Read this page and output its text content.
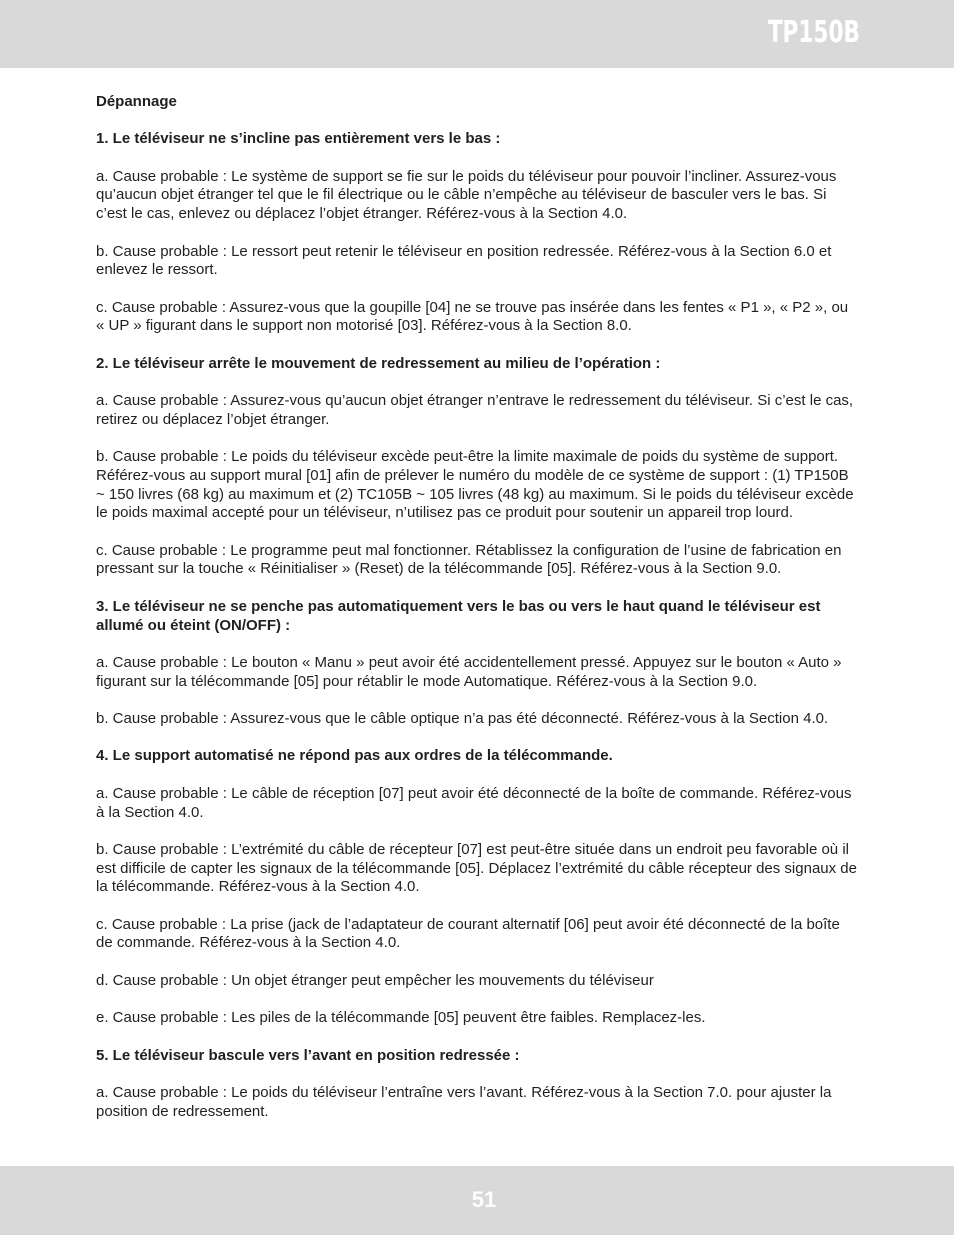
TP150B

Dépannage

1. Le téléviseur ne s’incline pas entièrement vers le bas :

a. Cause probable : Le système de support se fie sur le poids du téléviseur pour pouvoir l’incliner. Assurez-vous qu’aucun objet étranger tel que le fil électrique ou le câble n’empêche au téléviseur de basculer vers le bas. Si c’est le cas, enlevez ou déplacez l’objet étranger. Référez-vous à la Section 4.0.

b. Cause probable : Le ressort peut retenir le téléviseur en position redressée. Référez-vous à la Section 6.0 et enlevez le ressort.

c. Cause probable : Assurez-vous que la goupille [04] ne se trouve pas insérée dans les fentes « P1 », « P2 », ou « UP » figurant dans le support non motorisé [03]. Référez-vous à la Section 8.0.

2. Le téléviseur arrête le mouvement de redressement au milieu de l’opération :

a. Cause probable : Assurez-vous qu’aucun objet étranger n’entrave le redressement du téléviseur. Si c’est le cas, retirez ou déplacez l’objet étranger.

b. Cause probable : Le poids du téléviseur excède peut-être la limite maximale de poids du système de support. Référez-vous au support mural [01] afin de prélever le numéro du modèle de ce système de support : (1) TP150B ~ 150 livres (68 kg) au maximum et (2) TC105B ~ 105 livres (48 kg) au maximum. Si le poids du téléviseur excède le poids maximal accepté pour un téléviseur, n’utilisez pas ce produit pour soutenir un appareil trop lourd.

c. Cause probable : Le programme peut mal fonctionner. Rétablissez la configuration de l’usine de fabrication en pressant sur la touche « Réinitialiser » (Reset) de la télécommande [05]. Référez-vous à la Section 9.0.

3. Le téléviseur ne se penche pas automatiquement vers le bas ou vers le haut quand le téléviseur est allumé ou éteint (ON/OFF) :

a. Cause probable : Le bouton « Manu » peut avoir été accidentellement pressé. Appuyez sur le bouton « Auto » figurant sur la télécommande [05] pour rétablir le mode Automatique. Référez-vous à la Section 9.0.

b. Cause probable : Assurez-vous que le câble optique n’a pas été déconnecté. Référez-vous à la Section 4.0.

4. Le support automatisé ne répond pas aux ordres de la télécommande.

a. Cause probable : Le câble de réception [07] peut avoir été déconnecté de la boîte de commande. Référez-vous à la Section 4.0.

b. Cause probable : L’extrémité du câble de récepteur [07] est peut-être située dans un endroit peu favorable où il est difficile de capter les signaux de la télécommande [05]. Déplacez l’extrémité du câble récepteur des signaux de la télécommande. Référez-vous à la Section 4.0.

c. Cause probable : La prise (jack de l’adaptateur de courant alternatif [06] peut avoir été déconnecté de la boîte de commande. Référez-vous à la Section 4.0.

d. Cause probable : Un objet étranger peut empêcher les mouvements du téléviseur

e. Cause probable : Les piles de la télécommande [05] peuvent être faibles. Remplacez-les.

5. Le téléviseur bascule vers l’avant en position redressée :

a. Cause probable : Le poids du téléviseur l’entraîne vers l’avant. Référez-vous à la Section 7.0. pour ajuster la position de redressement.

51
